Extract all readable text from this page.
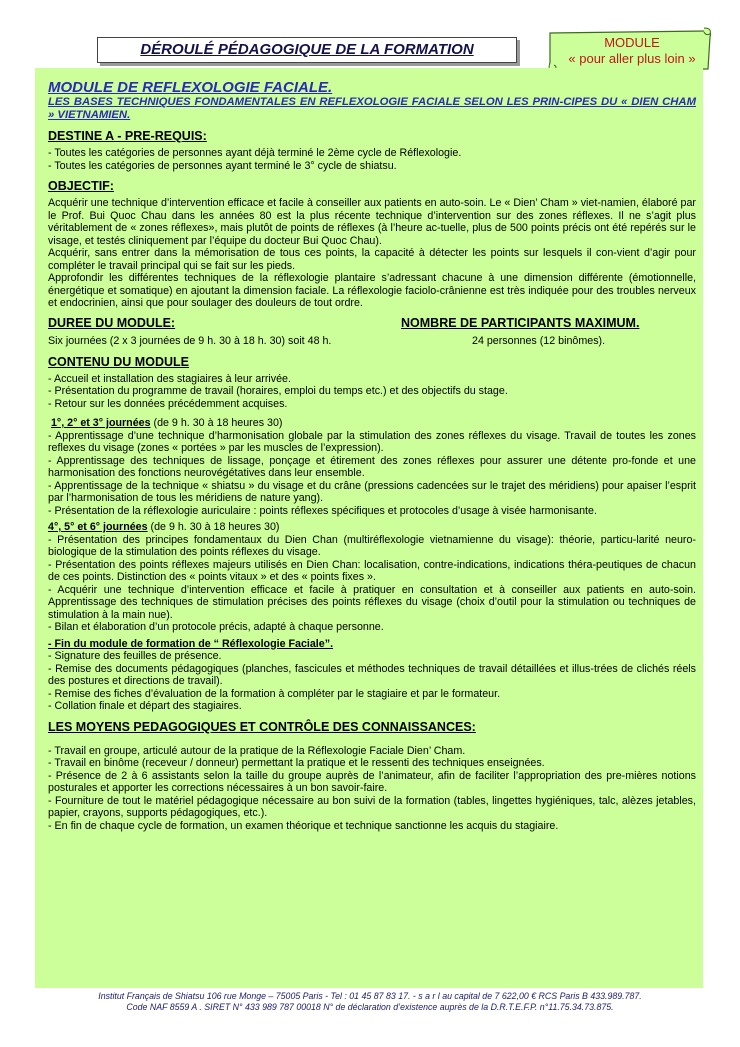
DÉROULÉ PÉDAGOGIQUE DE LA FORMATION	MODULE
« pour aller plus loin »
MODULE DE REFLEXOLOGIE FACIALE.
LES BASES TECHNIQUES FONDAMENTALES EN REFLEXOLOGIE FACIALE SELON LES PRIN-CIPES DU « DIEN CHAM » VIETNAMIEN.
DESTINE A - PRE-REQUIS:

- Toutes les catégories de personnes ayant déjà terminé le 2ème cycle de Réflexologie.

- Toutes les catégories de personnes ayant terminé le 3° cycle de shiatsu.

OBJECTIF:

Acquérir une technique d’intervention efficace et facile à conseiller aux patients en auto-soin. Le « Dien’ Cham » viet-namien, élaboré par le Prof. Bui Quoc Chau dans les années 80 est la plus récente technique d’intervention sur des zones réflexes. Il ne s’agit plus véritablement de « zones réflexes», mais plutôt de points de réflexes (à l’heure ac-tuelle, plus de 500 points précis ont été repérés sur le visage, et testés cliniquement par l’équipe du docteur Bui Quoc Chau).

Acquérir, sans entrer dans la mémorisation de tous ces points, la capacité à détecter les points sur lesquels il con-vient d’agir pour compléter le travail principal qui se fait sur les pieds.

Approfondir les différentes techniques de la réflexologie plantaire s’adressant chacune à une dimension différente (émotionnelle, énergétique et somatique) en ajoutant la dimension faciale. La réflexologie faciolo-crânienne est très indiquée pour des troubles nerveux et endocrinien, ainsi que pour soulager des douleurs de tout ordre.

DUREE DU MODULE:	NOMBRE DE PARTICIPANTS MAXIMUM.
Six journées (2 x 3 journées de 9 h. 30 à 18 h. 30) soit 48 h.	24 personnes (12 binômes).
CONTENU DU MODULE

- Accueil et installation des stagiaires à leur arrivée.

- Présentation du programme de travail (horaires, emploi du temps etc.) et des objectifs du stage.

- Retour sur les données précédemment acquises.

1°, 2° et 3° journées (de 9 h. 30 à 18 heures 30)

- Apprentissage d’une technique d’harmonisation globale par la stimulation des zones réflexes du visage. Travail de toutes les zones reflexes du visage (zones « portées » par les muscles de l’expression).

- Apprentissage des techniques de lissage, ponçage et étirement des zones réflexes pour assurer une détente pro-fonde et une harmonisation des fonctions neurovégétatives dans leur ensemble.

- Apprentissage de la technique « shiatsu » du visage et du crâne (pressions cadencées sur le trajet des méridiens) pour apaiser l’esprit par l’harmonisation de tous les méridiens de nature yang).

- Présentation de la réflexologie auriculaire : points réflexes spécifiques et protocoles d’usage à visée harmonisante.

4°, 5° et 6° journées (de 9 h. 30 à 18 heures 30)

- Présentation des principes fondamentaux du Dien Chan (multiréflexologie vietnamienne du visage): théorie, particu-larité neuro-biologique de la stimulation des points réflexes du visage.

- Présentation des points réflexes majeurs utilisés en Dien Chan: localisation, contre-indications, indications théra-peutiques de chacun de ces points. Distinction des « points vitaux » et des « points fixes ».

- Acquérir une technique d’intervention efficace et facile à pratiquer en consultation et à conseiller aux patients en auto-soin. Apprentissage des techniques de stimulation précises des points réflexes du visage (choix d’outil pour la stimulation ou techniques de stimulation à la main nue).

- Bilan et élaboration d’un protocole précis, adapté à chaque personne.

- Fin du module de formation de “ Réflexologie Faciale”.

- Signature des feuilles de présence.

- Remise des documents pédagogiques (planches, fascicules et méthodes techniques de travail détaillées et illus-trées de clichés réels des postures et directions de travail).

- Remise des fiches d’évaluation de la formation à compléter par le stagiaire et par le formateur.

- Collation finale et départ des stagiaires.

LES MOYENS PEDAGOGIQUES ET CONTRÔLE DES CONNAISSANCES:

- Travail en groupe, articulé autour de la pratique de la Réflexologie Faciale Dien’ Cham.

- Travail en binôme (receveur / donneur) permettant la pratique et le ressenti des techniques enseignées.

- Présence de 2 à 6 assistants selon la taille du groupe auprès de l’animateur, afin de faciliter l’appropriation des pre-mières notions posturales et apporter les corrections nécessaires à un bon savoir-faire.

- Fourniture de tout le matériel pédagogique nécessaire au bon suivi de la formation (tables, lingettes hygiéniques, talc, alèzes jetables, papier, crayons, supports pédagogiques, etc.).

- En fin de chaque cycle de formation, un examen théorique et technique sanctionne les acquis du stagiaire.

Institut Français de Shiatsu 106 rue Monge – 75005 Paris - Tel : 01 45 87 83 17. - s a r l au capital de 7 622,00 € RCS Paris B 433.989.787.
Code NAF 8559 A . SIRET N° 433 989 787 00018 N° de déclaration d’existence auprès de la D.R.T.E.F.P. n°11.75.34.73.875.
